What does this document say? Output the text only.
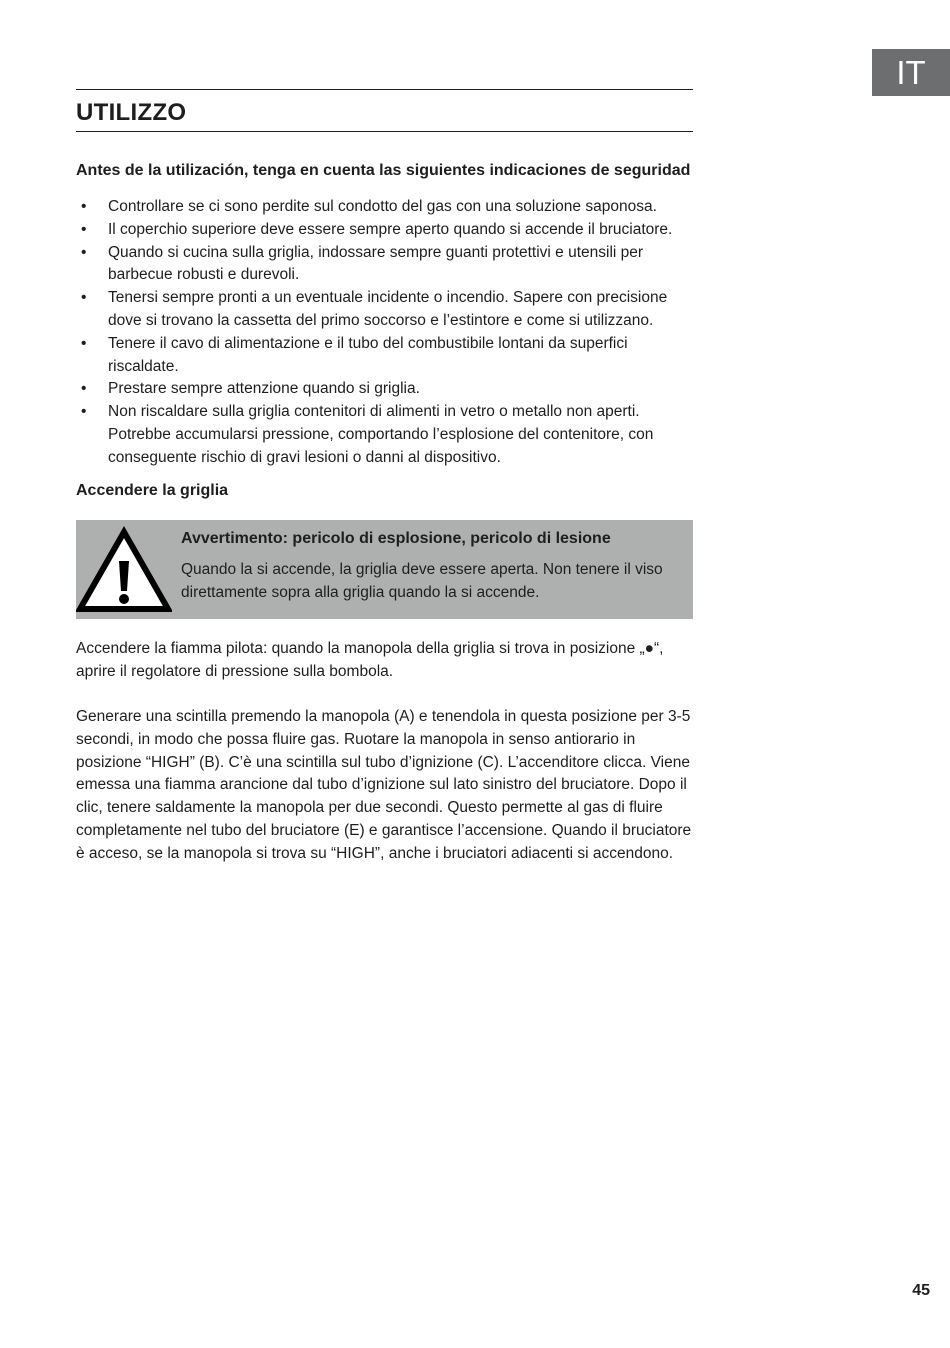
IT
UTILIZZO
Antes de la utilización, tenga en cuenta las siguientes indicaciones de seguridad
• Controllare se ci sono perdite sul condotto del gas con una soluzione saponosa.
• Il coperchio superiore deve essere sempre aperto quando si accende il bruciatore.
• Quando si cucina sulla griglia, indossare sempre guanti protettivi e utensili per barbecue robusti e durevoli.
• Tenersi sempre pronti a un eventuale incidente o incendio. Sapere con precisione dove si trovano la cassetta del primo soccorso e l’estintore e come si utilizzano.
• Tenere il cavo di alimentazione e il tubo del combustibile lontani da superfici riscaldate.
• Prestare sempre attenzione quando si griglia.
• Non riscaldare sulla griglia contenitori di alimenti in vetro o metallo non aperti. Potrebbe accumularsi pressione, comportando l’esplosione del contenitore, con conseguente rischio di gravi lesioni o danni al dispositivo.
Accendere la griglia
Avvertimento: pericolo di esplosione, pericolo di lesione

Quando la si accende, la griglia deve essere aperta. Non tenere il viso direttamente sopra alla griglia quando la si accende.

Accendere la fiamma pilota: quando la manopola della griglia si trova in posizione „●“, aprire il regolatore di pressione sulla bombola.

Generare una scintilla premendo la manopola (A) e tenendola in questa posizione per 3-5 secondi, in modo che possa fluire gas. Ruotare la manopola in senso antiorario in posizione “HIGH” (B). C’è una scintilla sul tubo d’ignizione (C). L’accenditore clicca. Viene emessa una fiamma arancione dal tubo d’ignizione sul lato sinistro del bruciatore. Dopo il clic, tenere saldamente la manopola per due secondi. Questo permette al gas di fluire completamente nel tubo del bruciatore (E) e garantisce l’accensione. Quando il bruciatore è acceso, se la manopola si trova su “HIGH”, anche i bruciatori adiacenti si accendono.

45
